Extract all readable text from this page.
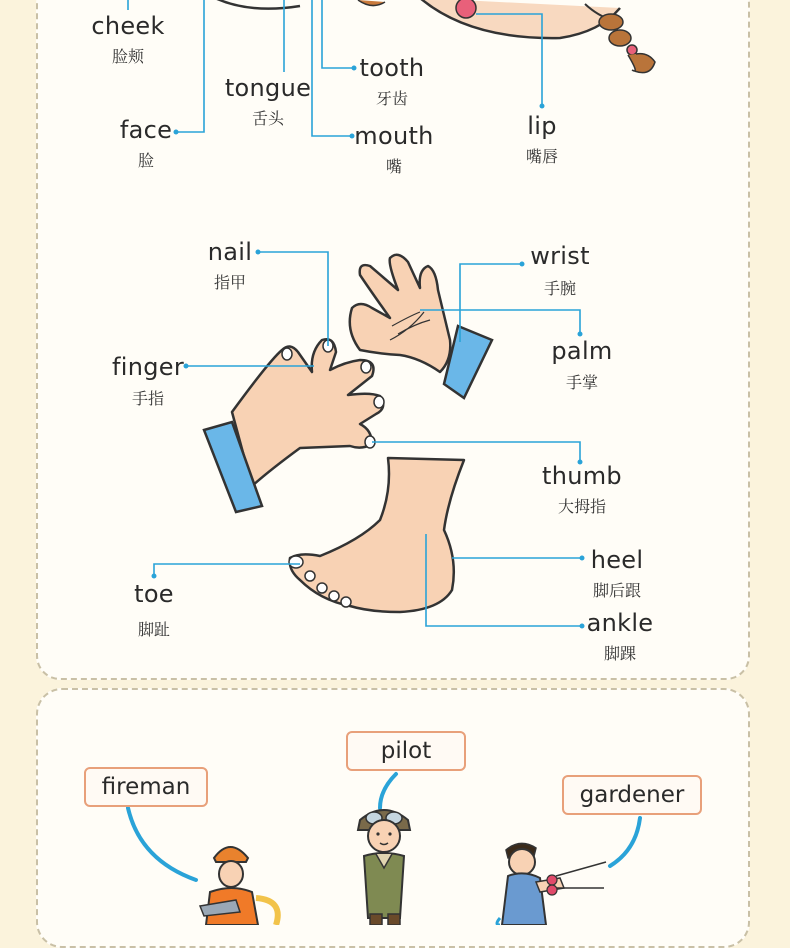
cheek
脸颊
tongue
舌头
tooth
牙齿
face
脸
mouth
嘴
lip
嘴唇
nail
指甲
wrist
手腕
finger
手指
palm
手掌
thumb
大拇指
toe
脚趾
heel
脚后跟
ankle
脚踝
fireman
pilot
gardener
